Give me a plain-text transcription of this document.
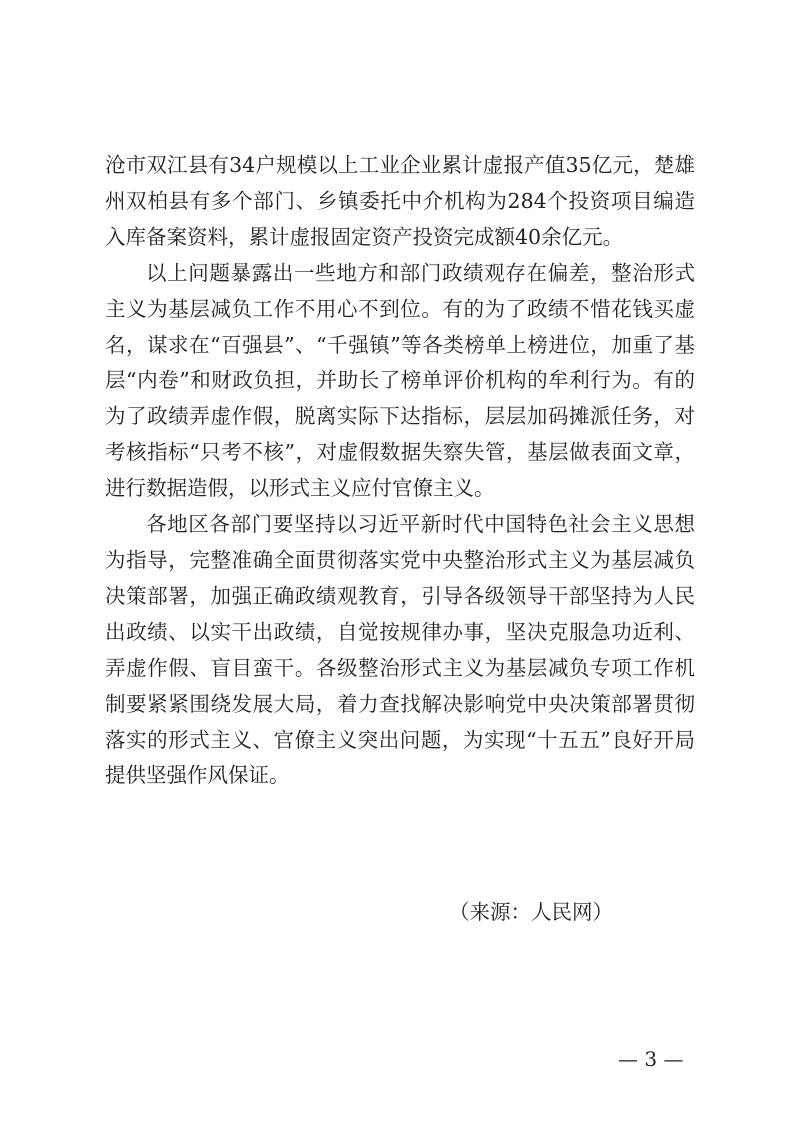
沧市双江县有34户规模以上工业企业累计虚报产值35亿元，楚雄州双柏县有多个部门、乡镇委托中介机构为284个投资项目编造入库备案资料，累计虚报固定资产投资完成额40余亿元。

以上问题暴露出一些地方和部门政绩观存在偏差，整治形式主义为基层减负工作不用心不到位。有的为了政绩不惜花钱买虚名，谋求在“百强县”、“千强镇”等各类榜单上榜进位，加重了基层“内卷”和财政负担，并助长了榜单评价机构的牟利行为。有的为了政绩弄虚作假，脱离实际下达指标，层层加码摊派任务，对考核指标“只考不核”，对虚假数据失察失管，基层做表面文章，进行数据造假，以形式主义应付官僚主义。

各地区各部门要坚持以习近平新时代中国特色社会主义思想为指导，完整准确全面贯彻落实党中央整治形式主义为基层减负决策部署，加强正确政绩观教育，引导各级领导干部坚持为人民出政绩、以实干出政绩，自觉按规律办事，坚决克服急功近利、弄虚作假、盲目蛮干。各级整治形式主义为基层减负专项工作机制要紧紧围绕发展大局，着力查找解决影响党中央决策部署贯彻落实的形式主义、官僚主义突出问题，为实现“十五五”良好开局提供坚强作风保证。

（来源：人民网）
— 3 —
